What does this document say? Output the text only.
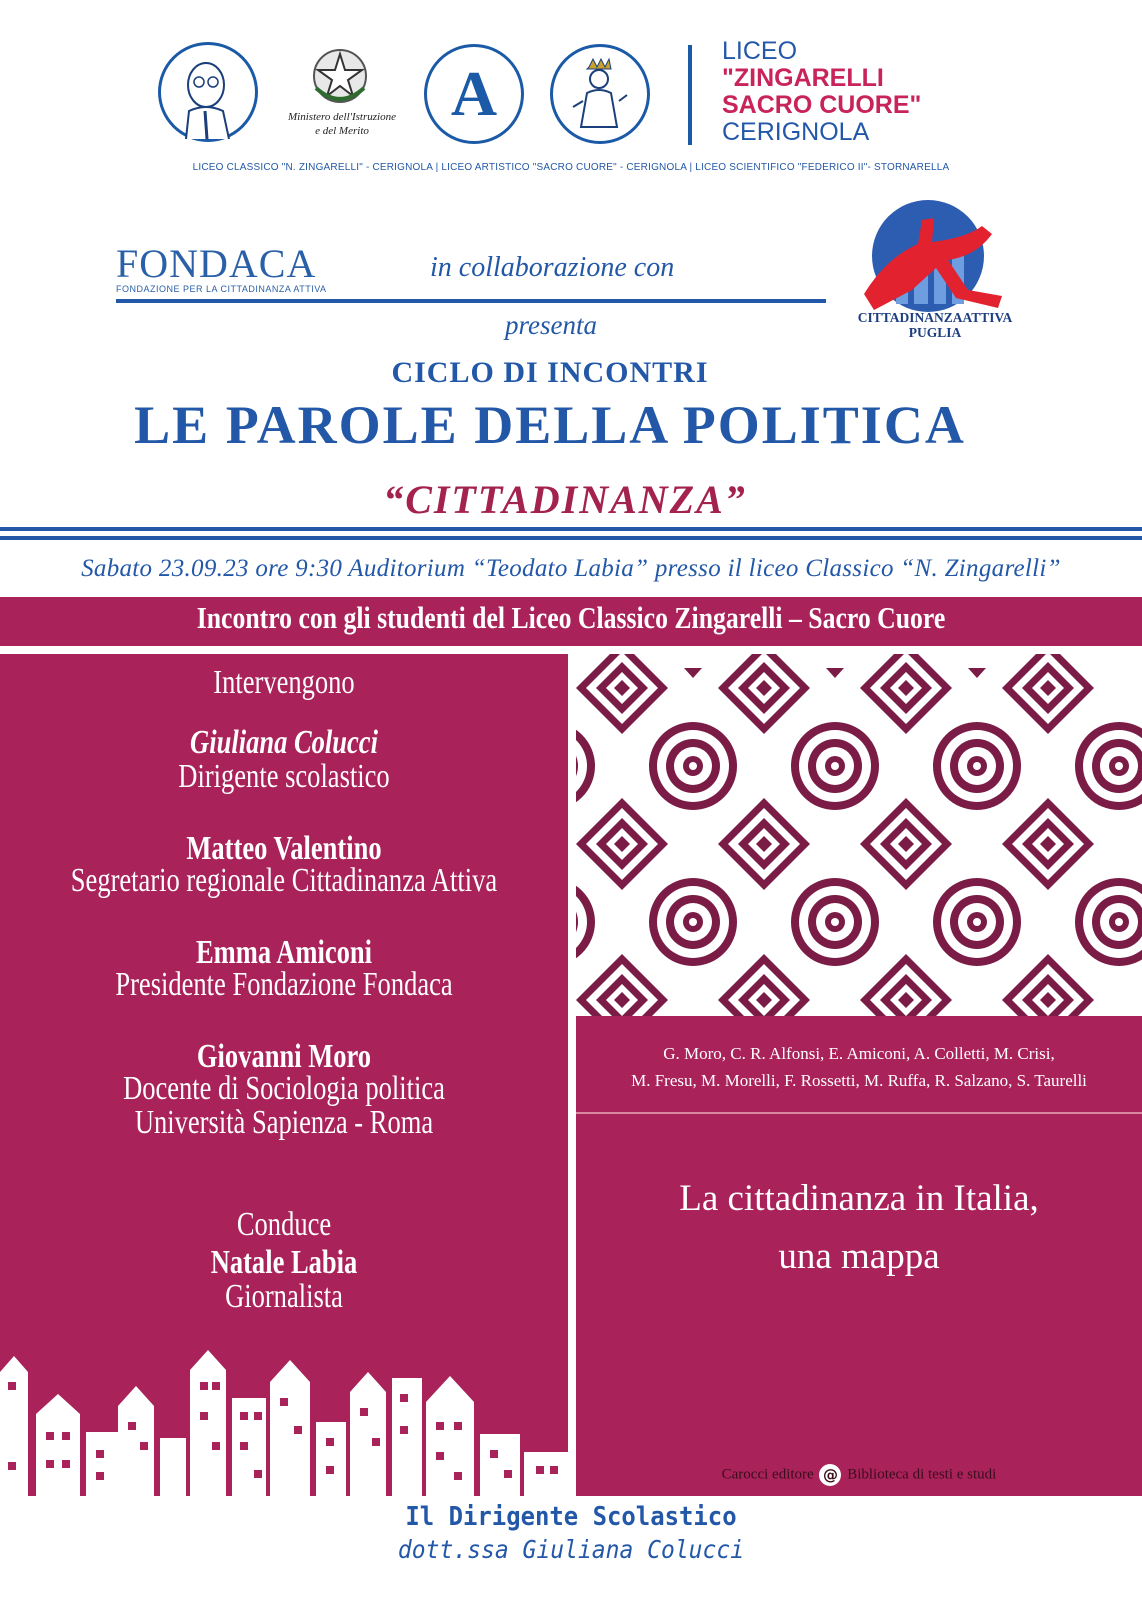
Ministero dell'Istruzione
e del Merito
A
LICEO
"ZINGARELLI
SACRO CUORE"
CERIGNOLA
LICEO CLASSICO "N. ZINGARELLI" - CERIGNOLA | LICEO ARTISTICO "SACRO CUORE" - CERIGNOLA | LICEO SCIENTIFICO "FEDERICO II"- STORNARELLA
FONDACA
FONDAZIONE PER LA CITTADINANZA ATTIVA
in collaborazione con
presenta	CITTADINANZAATTIVA
PUGLIA
CICLO DI INCONTRI
LE PAROLE DELLA POLITICA
“CITTADINANZA”
Sabato 23.09.23 ore 9:30 Auditorium “Teodato Labia” presso il liceo Classico “N. Zingarelli”
Incontro con gli studenti del Liceo Classico Zingarelli – Sacro Cuore
Intervengono
Giuliana Colucci
Dirigente scolastico
Matteo Valentino
Segretario regionale Cittadinanza Attiva
Emma Amiconi
Presidente Fondazione Fondaca
Giovanni Moro
Docente di Sociologia politica
Università Sapienza - Roma
Conduce
Natale Labia
Giornalista
G. Moro, C. R. Alfonsi, E. Amiconi, A. Colletti, M. Crisi,
M. Fresu, M. Morelli, F. Rossetti, M. Ruffa, R. Salzano, S. Taurelli
La cittadinanza in Italia,
una mappa
Carocci editore @ Biblioteca di testi e studi
Il Dirigente Scolastico
dott.ssa Giuliana Colucci
